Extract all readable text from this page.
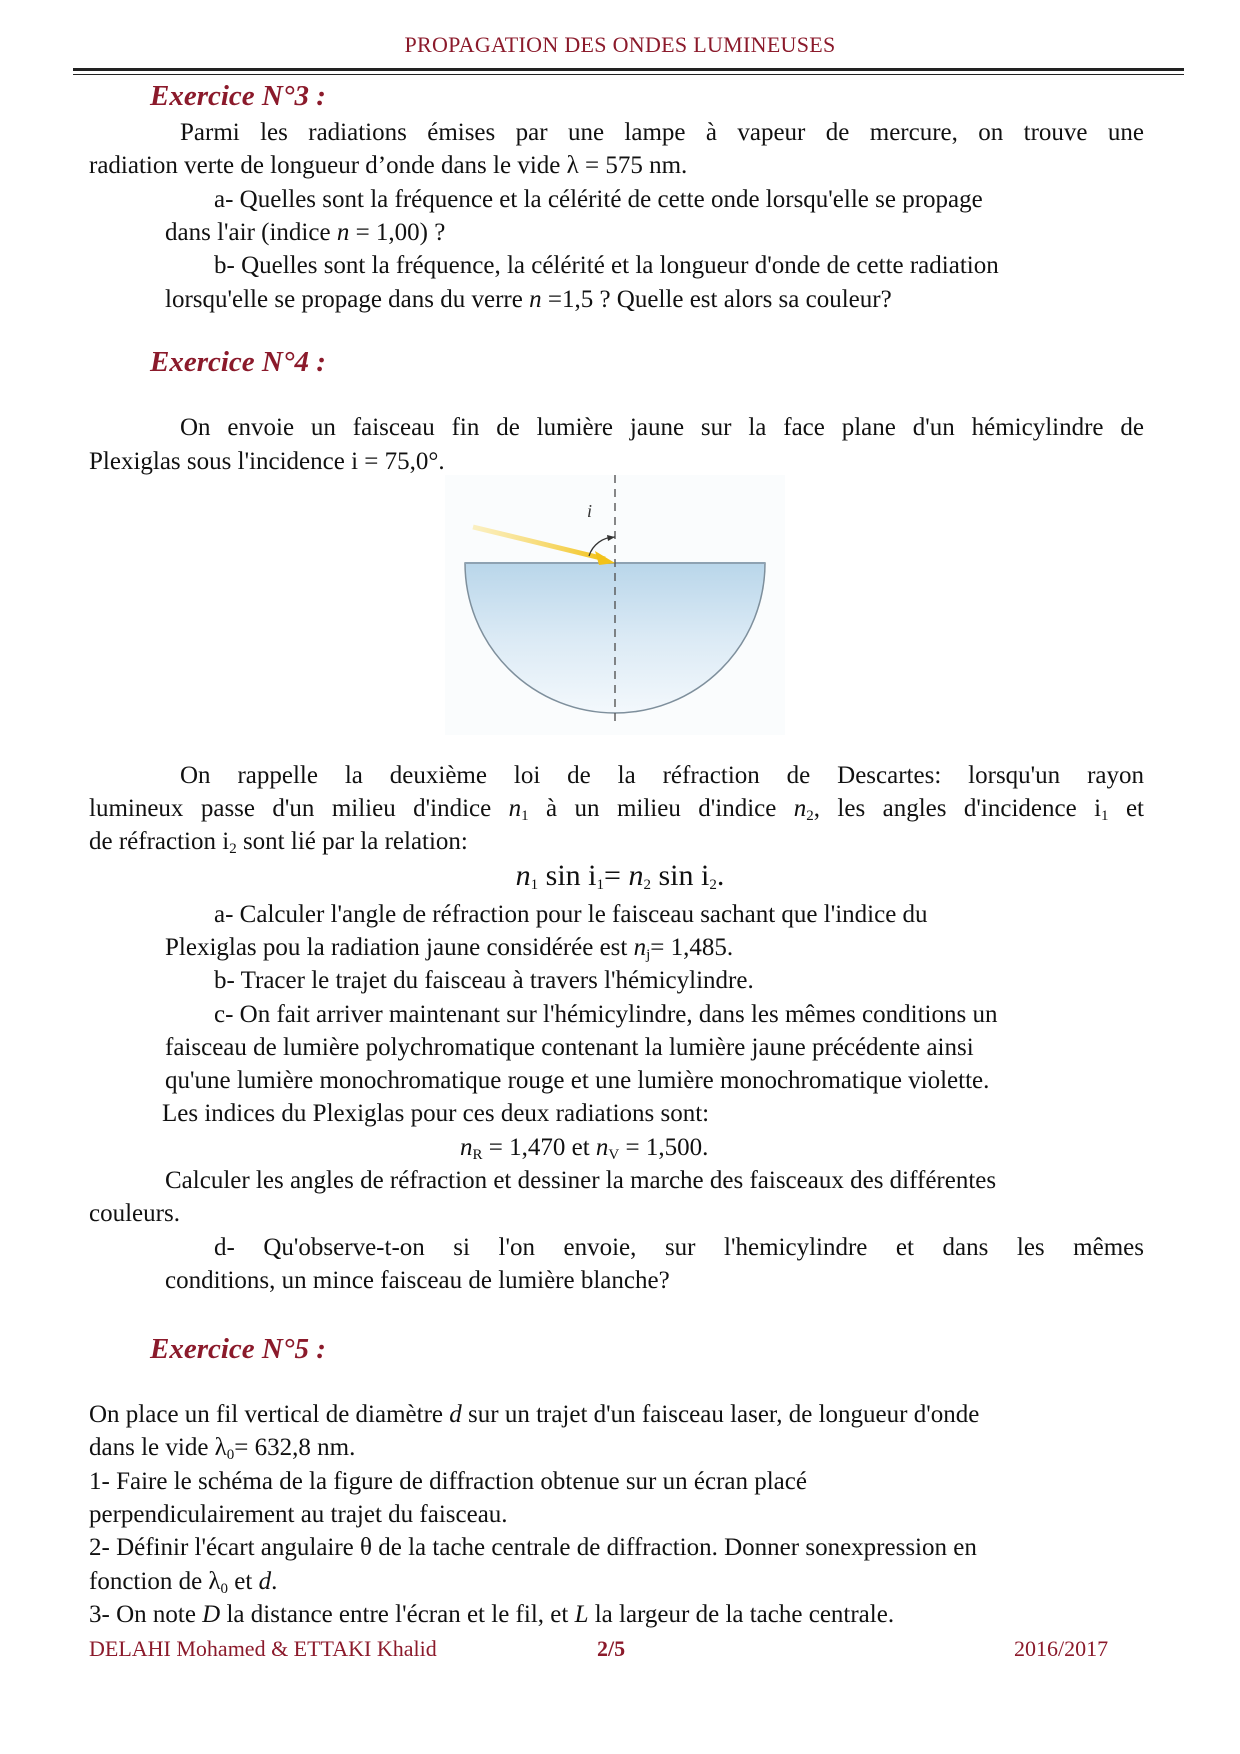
PROPAGATION DES ONDES LUMINEUSES
Exercice N°3 :
Parmi les radiations émises par une lampe à vapeur de mercure, on trouve une
radiation verte de longueur d’onde dans le vide λ = 575 nm.
a- Quelles sont la fréquence et la célérité de cette onde lorsqu'elle se propage
dans l'air (indice n = 1,00) ?
b- Quelles sont la fréquence, la célérité et la longueur d'onde de cette radiation
lorsqu'elle se propage dans du verre n =1,5 ? Quelle est alors sa couleur?
Exercice N°4 :
On envoie un faisceau fin de lumière jaune sur la face plane d'un hémicylindre de
Plexiglas sous l'incidence i = 75,0°.
i
On rappelle la deuxième loi de la réfraction de Descartes: lorsqu'un rayon
lumineux passe d'un milieu d'indice $n_1$ à un milieu d'indice $n_2$, les angles d'incidence $i_1$ et
de réfraction $i_2$ sont lié par la relation:
$n_1$ $\sin i_1= n_2$ $\sin i_2$.
a- Calculer l'angle de réfraction pour le faisceau sachant que l'indice du
Plexiglas pou la radiation jaune considérée est $n_j= 1,485$.
b- Tracer le trajet du faisceau à travers l'hémicylindre.
c- On fait arriver maintenant sur l'hémicylindre, dans les mêmes conditions un
faisceau de lumière polychromatique contenant la lumière jaune précédente ainsi
qu'une lumière monochromatique rouge et une lumière monochromatique violette.
Les indices du Plexiglas pour ces deux radiations sont:
$n_R = 1,470$ et $n_V = 1,500$.
Calculer les angles de réfraction et dessiner la marche des faisceaux des différentes
couleurs.
d- Qu'observe-t-on si l'on envoie, sur l'hemicylindre et dans les mêmes
conditions, un mince faisceau de lumière blanche?
Exercice N°5 :
On place un fil vertical de diamètre d sur un trajet d'un faisceau laser, de longueur d'onde
dans le vide $\lambda_0= 632,8$ nm.
1- Faire le schéma de la figure de diffraction obtenue sur un écran placé
perpendiculairement au trajet du faisceau.
2- Définir l'écart angulaire θ de la tache centrale de diffraction. Donner sonexpression en
fonction de $\lambda_0$ et d.
3- On note D la distance entre l'écran et le fil, et L la largeur de la tache centrale.
DELAHI Mohamed & ETTAKI Khalid	2/5	2016/2017
